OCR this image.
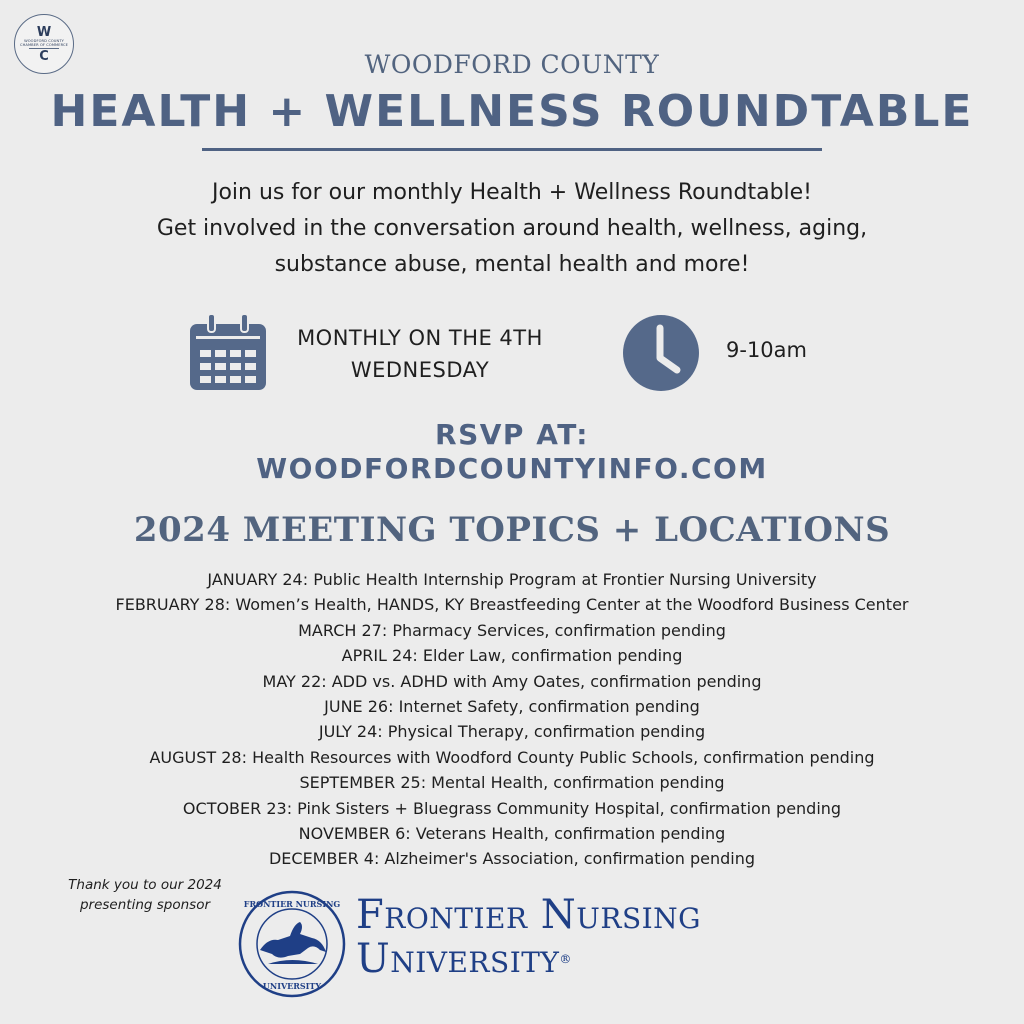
W
WOODFORD COUNTY
CHAMBER OF COMMERCE
C	WOODFORD COUNTY
HEALTH + WELLNESS ROUNDTABLE
Join us for our monthly Health + Wellness Roundtable!
Get involved in the conversation around health, wellness, aging,
substance abuse, mental health and more!
MONTHLY ON THE 4TH
WEDNESDAY
9-10am
RSVP AT:
WOODFORDCOUNTYINFO.COM
2024 MEETING TOPICS + LOCATIONS
JANUARY 24: Public Health Internship Program at Frontier Nursing University
FEBRUARY 28: Women’s Health, HANDS, KY Breastfeeding Center at the Woodford Business Center
MARCH 27: Pharmacy Services, confirmation pending
APRIL 24: Elder Law, confirmation pending
MAY 22: ADD vs. ADHD with Amy Oates, confirmation pending
JUNE 26: Internet Safety, confirmation pending
JULY 24: Physical Therapy, confirmation pending
AUGUST 28: Health Resources with Woodford County Public Schools, confirmation pending
SEPTEMBER 25: Mental Health, confirmation pending
OCTOBER 23: Pink Sisters + Bluegrass Community Hospital, confirmation pending
NOVEMBER 6: Veterans Health, confirmation pending
DECEMBER 4: Alzheimer's Association, confirmation pending
Thank you to our 2024
presenting sponsor	FRONTIER NURSING
UNIVERSITY
Frontier Nursing
University®
